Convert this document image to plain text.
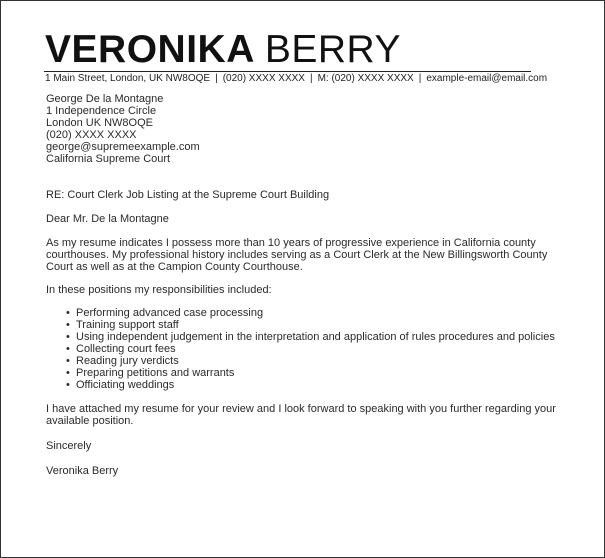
VERONIKA BERRY
1 Main Street, London, UK NW8OQE | (020) XXXX XXXX | M: (020) XXXX XXXX | example-email@email.com
George De la Montagne
1 Independence Circle
London UK NW8OQE
(020) XXXX XXXX
george@supremeexample.com
California Supreme Court
RE: Court Clerk Job Listing at the Supreme Court Building
Dear Mr. De la Montagne
As my resume indicates I possess more than 10 years of progressive experience in California county courthouses. My professional history includes serving as a Court Clerk at the New Billingsworth County Court as well as at the Campion County Courthouse.
In these positions my responsibilities included:
• Performing advanced case processing
• Training support staff
• Using independent judgement in the interpretation and application of rules procedures and policies
• Collecting court fees
• Reading jury verdicts
• Preparing petitions and warrants
• Officiating weddings
I have attached my resume for your review and I look forward to speaking with you further regarding your available position.
Sincerely
Veronika Berry
